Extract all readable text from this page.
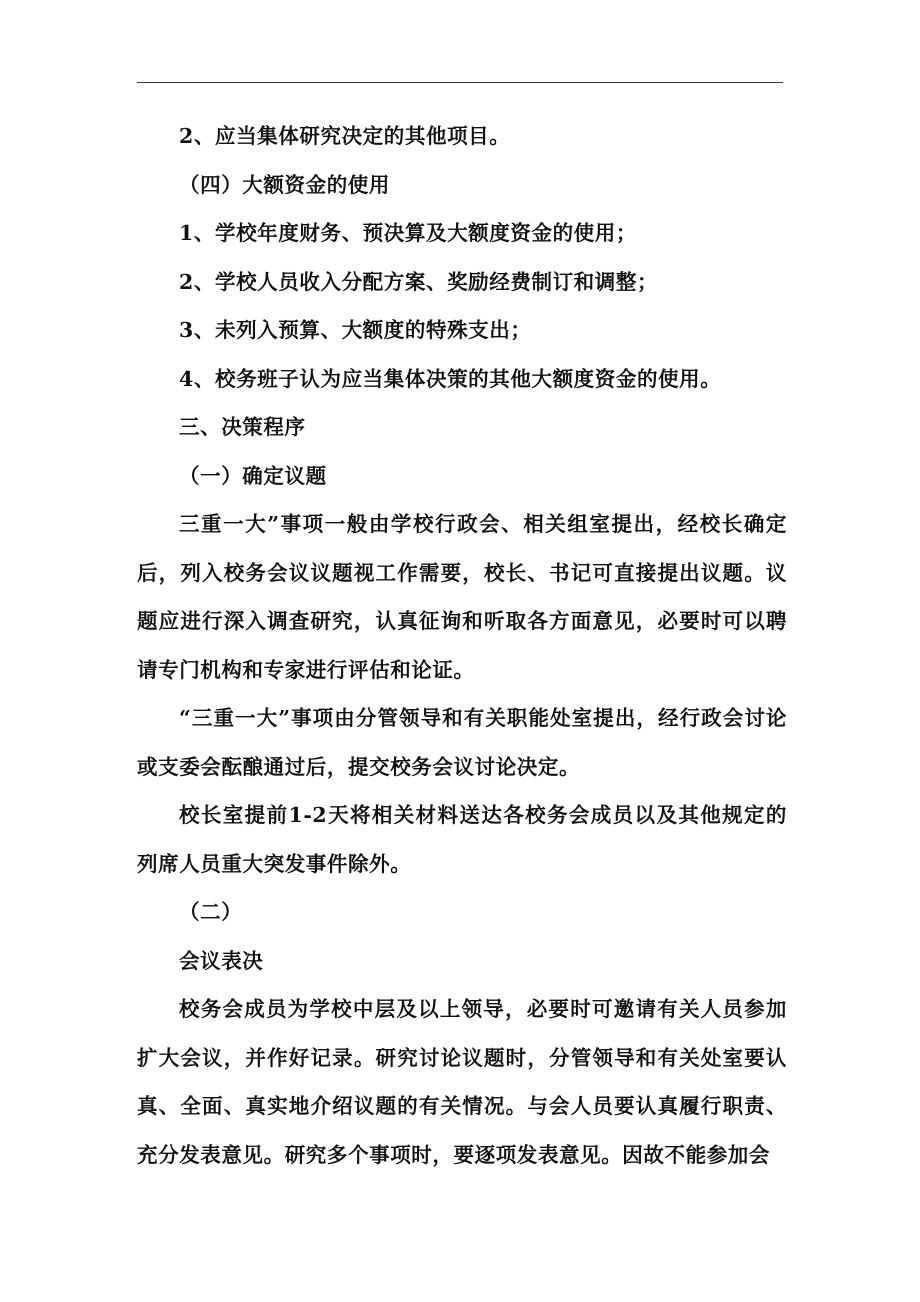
2、应当集体研究决定的其他项目。

（四）大额资金的使用

1、学校年度财务、预决算及大额度资金的使用；

2、学校人员收入分配方案、奖励经费制订和调整；

3、未列入预算、大额度的特殊支出；

4、校务班子认为应当集体决策的其他大额度资金的使用。

三、决策程序

（一）确定议题

三重一大”事项一般由学校行政会、相关组室提出，经校长确定后，列入校务会议议题视工作需要，校长、书记可直接提出议题。议题应进行深入调查研究，认真征询和听取各方面意见，必要时可以聘请专门机构和专家进行评估和论证。

“三重一大”事项由分管领导和有关职能处室提出，经行政会讨论或支委会酝酿通过后，提交校务会议讨论决定。

校长室提前1-2天将相关材料送达各校务会成员以及其他规定的列席人员重大突发事件除外。

（二）

会议表决

校务会成员为学校中层及以上领导，必要时可邀请有关人员参加扩大会议，并作好记录。研究讨论议题时，分管领导和有关处室要认真、全面、真实地介绍议题的有关情况。与会人员要认真履行职责、充分发表意见。研究多个事项时，要逐项发表意见。因故不能参加会
